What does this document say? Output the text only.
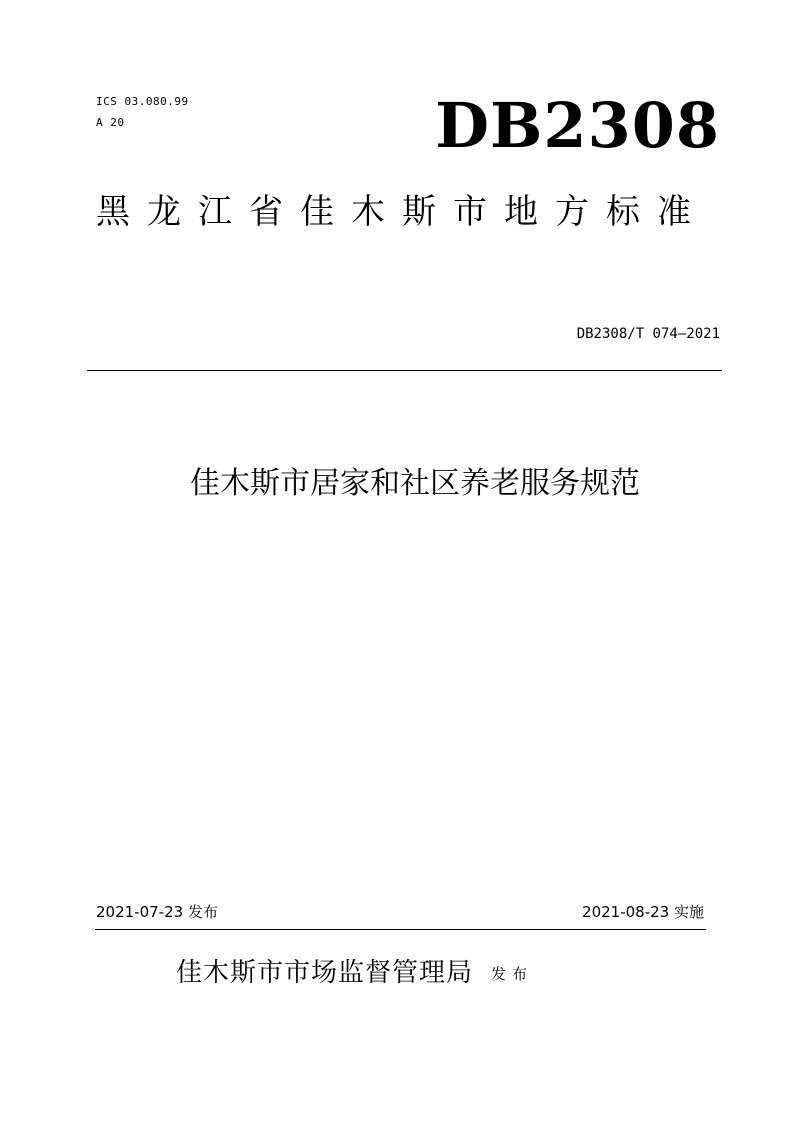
ICS 03.080.99
A 20	DB2308
黑龙江省佳木斯市地方标准
DB2308/T 074—2021
佳木斯市居家和社区养老服务规范
2021-07-23 发布	2021-08-23 实施
佳木斯市市场监督管理局 发布
